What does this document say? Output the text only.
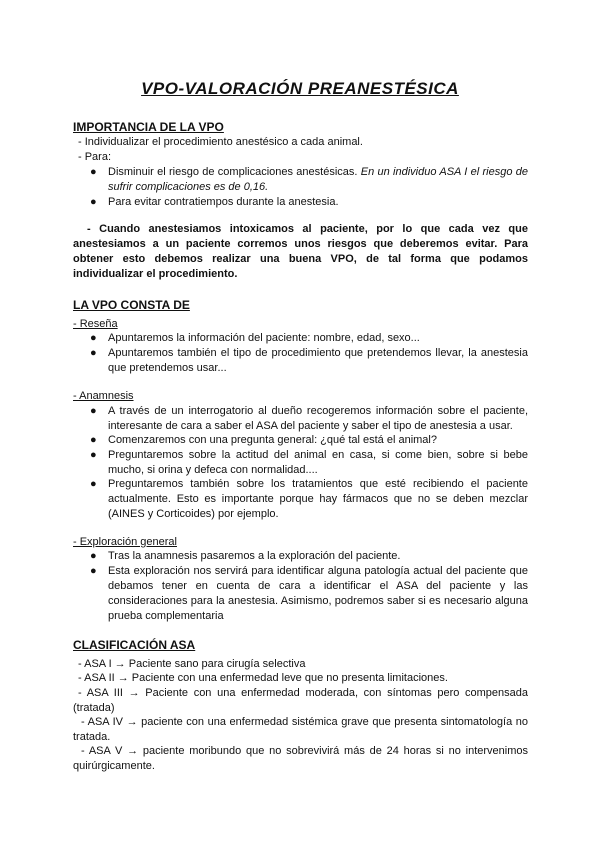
VPO-VALORACIÓN PREANESTÉSICA
IMPORTANCIA DE LA VPO
- Individualizar el procedimiento anestésico a cada animal.
- Para:
● Disminuir el riesgo de complicaciones anestésicas. En un individuo ASA I el riesgo de sufrir complicaciones es de 0,16.
● Para evitar contratiempos durante la anestesia.
- Cuando anestesiamos intoxicamos al paciente, por lo que cada vez que anestesiamos a un paciente corremos unos riesgos que deberemos evitar. Para obtener esto debemos realizar una buena VPO, de tal forma que podamos individualizar el procedimiento.
LA VPO CONSTA DE
- Reseña
● Apuntaremos la información del paciente: nombre, edad, sexo...
● Apuntaremos también el tipo de procedimiento que pretendemos llevar, la anestesia que pretendemos usar...
- Anamnesis
● A través de un interrogatorio al dueño recogeremos información sobre el paciente, interesante de cara a saber el ASA del paciente y saber el tipo de anestesia a usar.
● Comenzaremos con una pregunta general: ¿qué tal está el animal?
● Preguntaremos sobre la actitud del animal en casa, si come bien, sobre si bebe mucho, si orina y defeca con normalidad....
● Preguntaremos también sobre los tratamientos que esté recibiendo el paciente actualmente. Esto es importante porque hay fármacos que no se deben mezclar (AINES y Corticoides) por ejemplo.
- Exploración general
● Tras la anamnesis pasaremos a la exploración del paciente.
● Esta exploración nos servirá para identificar alguna patología actual del paciente que debamos tener en cuenta de cara a identificar el ASA del paciente y las consideraciones para la anestesia. Asimismo, podremos saber si es necesario alguna prueba complementaria
CLASIFICACIÓN ASA
- ASA I → Paciente sano para cirugía selectiva
- ASA II → Paciente con una enfermedad leve que no presenta limitaciones.
- ASA III → Paciente con una enfermedad moderada, con síntomas pero compensada (tratada)
- ASA IV → paciente con una enfermedad sistémica grave que presenta sintomatología no tratada.
- ASA V → paciente moribundo que no sobrevivirá más de 24 horas si no intervenimos quirúrgicamente.
